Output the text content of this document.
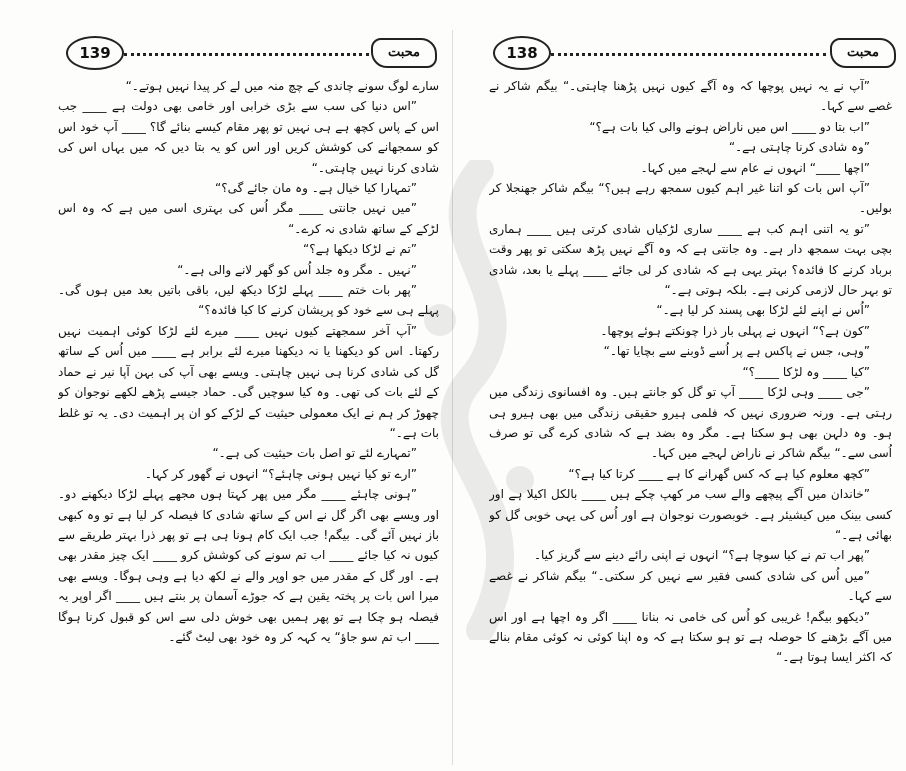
139	محبت

سارے لوگ سونے چاندی کے چچ منہ میں لے کر پیدا نہیں ہوتے۔“

”اس دنیا کی سب سے بڑی خرابی اور خامی بھی دولت ہے ____ جب اس کے پاس کچھ ہے ہی نہیں تو پھر مقام کیسے بنائے گا؟ ____ آپ خود اس کو سمجھانے کی کوشش کریں اور اس کو یہ بتا دیں کہ میں یہاں اس کی شادی کرنا نہیں چاہتی۔“

”تمہارا کیا خیال ہے۔ وہ مان جائے گی؟“

”میں نہیں جانتی ____ مگر اُس کی بہتری اسی میں ہے کہ وہ اس لڑکے کے ساتھ شادی نہ کرے۔“

”تم نے لڑکا دیکھا ہے؟“

”نہیں ۔ مگر وہ جلد اُس کو گھر لانے والی ہے۔“

”پھر بات ختم ____ پہلے لڑکا دیکھ لیں، باقی باتیں بعد میں ہوں گی۔ پہلے ہی سے خود کو پریشان کرنے کا کیا فائدہ؟“

”آپ آخر سمجھتے کیوں نہیں ____ میرے لئے لڑکا کوئی اہمیت نہیں رکھتا۔ اس کو دیکھنا یا نہ دیکھنا میرے لئے برابر ہے ____ میں اُس کے ساتھ گل کی شادی کرنا ہی نہیں چاہتی۔ ویسے بھی آپ کی بہن آپا نیر نے حماد کے لئے بات کی تھی۔ وہ کیا سوچیں گی۔ حماد جیسے پڑھے لکھے نوجوان کو چھوڑ کر ہم نے ایک معمولی حیثیت کے لڑکے کو ان پر اہمیت دی۔ یہ تو غلط بات ہے۔“

”تمہارے لئے تو اصل بات حیثیت کی ہے۔“

”ارے تو کیا نہیں ہونی چاہئے؟“ انہوں نے گھور کر کہا۔

”ہونی چاہئے ____ مگر میں پھر کہتا ہوں مجھے پہلے لڑکا دیکھنے دو۔ اور ویسے بھی اگر گل نے اس کے ساتھ شادی کا فیصلہ کر لیا ہے تو وہ کبھی باز نہیں آئے گی۔ بیگم! جب ایک کام ہونا ہی ہے تو پھر ذرا بہتر طریقے سے کیوں نہ کیا جائے ____ اب تم سونے کی کوشش کرو ____ ایک چیز مقدر بھی ہے۔ اور گل کے مقدر میں جو اوپر والے نے لکھ دیا ہے وہی ہوگا۔ ویسے بھی میرا اس بات پر پختہ یقین ہے کہ جوڑے آسمان پر بنتے ہیں ____ اگر اوپر یہ فیصلہ ہو چکا ہے تو پھر ہمیں بھی خوش دلی سے اس کو قبول کرنا ہوگا ____ اب تم سو جاؤ“ یہ کہہ کر وہ خود بھی لیٹ گئے۔

138	محبت

”آپ نے یہ نہیں پوچھا کہ وہ آگے کیوں نہیں پڑھنا چاہتی۔“ بیگم شاکر نے غصے سے کہا۔

”اب بتا دو ____ اس میں ناراض ہونے والی کیا بات ہے؟“

”وہ شادی کرنا چاہتی ہے۔“

”اچھا ____“ انہوں نے عام سے لہجے میں کہا۔

”آپ اس بات کو اتنا غیر اہم کیوں سمجھ رہے ہیں؟“ بیگم شاکر جھنجلا کر بولیں۔

”تو یہ اتنی اہم کب ہے ____ ساری لڑکیاں شادی کرتی ہیں ____ ہماری بچی بہت سمجھ دار ہے۔ وہ جانتی ہے کہ وہ آگے نہیں پڑھ سکتی تو پھر وقت برباد کرنے کا فائدہ؟ بہتر یہی ہے کہ شادی کر لی جائے ____ پہلے یا بعد، شادی تو بہر حال لازمی کرنی ہے۔ بلکہ ہوتی ہے۔“

”اُس نے اپنے لئے لڑکا بھی پسند کر لیا ہے۔“

”کون ہے؟“ انہوں نے پہلی بار ذرا چونکتے ہوئے پوچھا۔

”وہی، جس نے پاکس ہے پر اُسے ڈوبنے سے بچایا تھا۔“

”کیا ____ وہ لڑکا ____؟“

”جی ____ وہی لڑکا ____ آپ تو گل کو جانتے ہیں۔ وہ افسانوی زندگی میں رہتی ہے۔ ورنہ ضروری نہیں کہ فلمی ہیرو حقیقی زندگی میں بھی ہیرو ہی ہو۔ وہ دلہن بھی ہو سکتا ہے۔ مگر وہ بضد ہے کہ شادی کرے گی تو صرف اُسی سے۔“ بیگم شاکر نے ناراض لہجے میں کہا۔

”کچھ معلوم کیا ہے کہ کس گھرانے کا ہے ____ کرتا کیا ہے؟“

”خاندان میں آگے پیچھے والے سب مر کھپ چکے ہیں ____ بالکل اکیلا ہے اور کسی بینک میں کیشیئر ہے۔ خوبصورت نوجوان ہے اور اُس کی یہی خوبی گل کو بھائی ہے۔“

”پھر اب تم نے کیا سوچا ہے؟“ انہوں نے اپنی رائے دینے سے گریز کیا۔

”میں اُس کی شادی کسی فقیر سے نہیں کر سکتی۔“ بیگم شاکر نے غصے سے کہا۔

”دیکھو بیگم! غریبی کو اُس کی خامی نہ بنانا ____ اگر وہ اچھا ہے اور اس میں آگے بڑھنے کا حوصلہ ہے تو ہو سکتا ہے کہ وہ اپنا کوئی نہ کوئی مقام بنالے کہ اکثر ایسا ہوتا ہے۔“
